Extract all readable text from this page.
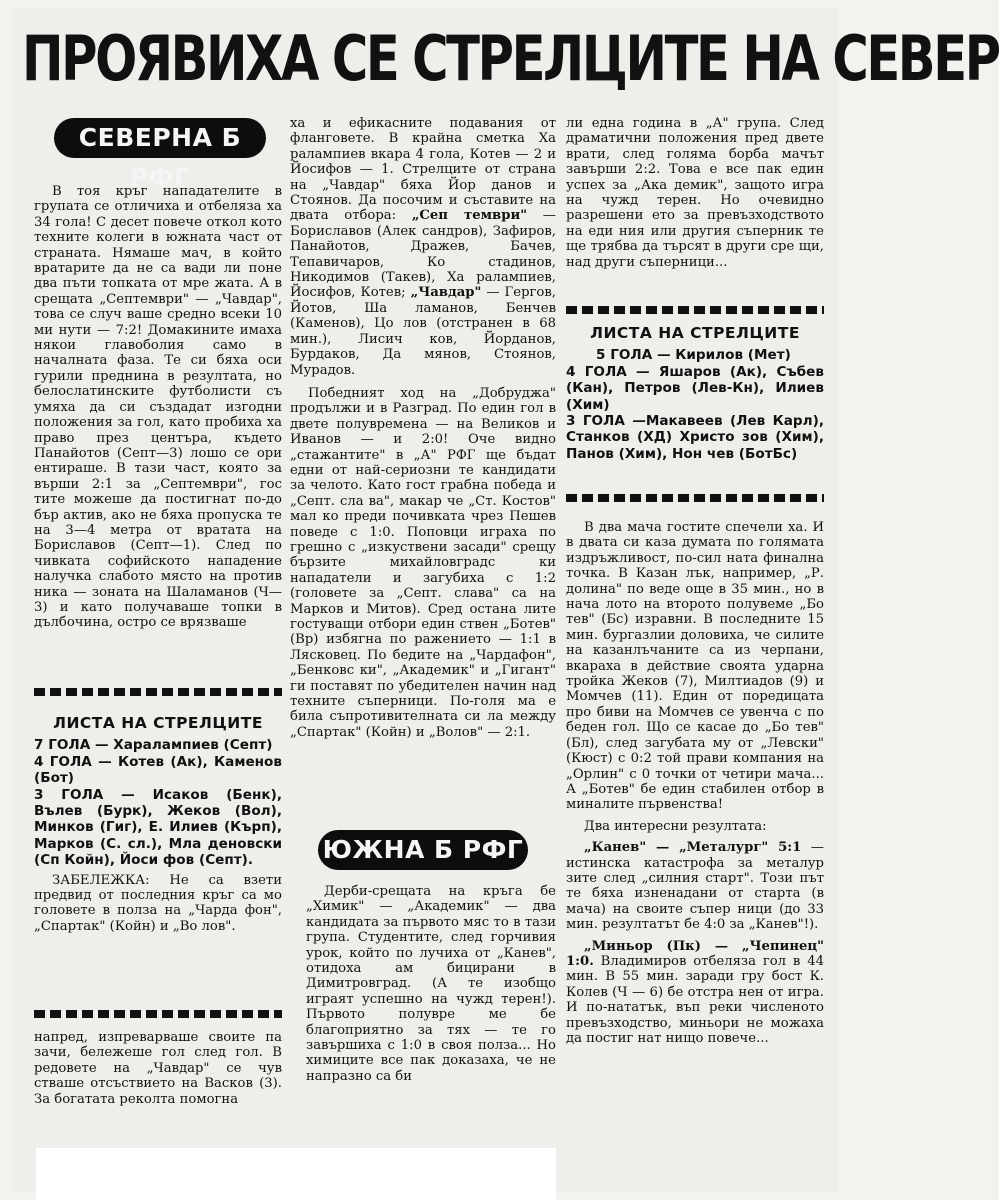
ПРОЯВИХА СЕ СТРЕЛЦИТЕ НА СЕВЕР
СЕВЕРНА Б РФГ

В тоя кръг нападателите в групата се отличиха и отбеляза ха 34 гола! С десет повече откол кото техните колеги в южната част от страната. Нямаше мач, в който вратарите да не са вади ли поне два пъти топката от мре жата. А в срещата „Септември" — „Чавдар", това се случ ваше средно всеки 10 ми нути — 7:2! Домакините имаха някои главоболия само в началната фаза. Те си бяха оси гурили преднина в резултата, но белослатинските футболисти съ умяха да си създадат изгодни положения за гол, като пробиха ха право през центъра, където Панайотов (Септ—3) лошо се ори ентираше. В тази част, която за върши 2:1 за „Септември", гос тите можеше да постигнат по-до бър актив, ако не бяха пропуска те на 3—4 метра от вратата на Бориславов (Септ—1). След по чивката софийското нападение налучка слабото място на против ника — зоната на Шаламанов (Ч—3) и като получаваше топки в дълбочина, остро се врязваше

ЛИСТА НА СТРЕЛЦИТЕ
7 ГОЛА — Харалампиев (Септ)
4 ГОЛА — Котев (Ак), Каменов (Бот)
3 ГОЛА — Исаков (Бенк), Вълев (Бурк), Жеков (Вол), Минков (Гиг), Е. Илиев (Кърп), Марков (С. сл.), Мла деновски (Сп Койн), Йоси фов (Септ).

ЗАБЕЛЕЖКА: Не са взети предвид от последния кръг са мо головете в полза на „Чарда фон", „Спартак" (Койн) и „Во лов".

напред, изпреварваше своите па зачи, бележеше гол след гол. В редовете на „Чавдар" се чув стваше отсъствието на Васков (3). За богатата реколта помогна

ха и ефикасните подавания от фланговете. В крайна сметка Ха ралампиев вкара 4 гола, Котев — 2 и Йосифов — 1. Стрелците от страна на „Чавдар" бяха Йор данов и Стоянов. Да посочим и съставите на двата отбора: „Сеп тември" — Бориславов (Алек сандров), Зафиров, Панайотов, Дражев, Бачев, Тепавичаров, Ко стадинов, Никодимов (Такев), Ха ралампиев, Йосифов, Котев; „Чавдар" — Гергов, Йотов, Ша ламанов, Бенчев (Каменов), Цо лов (отстранен в 68 мин.), Лисич ков, Йорданов, Бурдаков, Да мянов, Стоянов, Мурадов.

Победният ход на „Добруджа" продължи и в Разград. По един гол в двете полувремена — на Великов и Иванов — и 2:0! Оче видно „стажантите" в „А" РФГ ще бъдат едни от най-сериозни те кандидати за челото. Като гост грабна победа и „Септ. сла ва", макар че „Ст. Костов" мал ко преди почивката чрез Пешев поведе с 1:0. Поповци играха по грешно с „изкуствени засади" срещу бързите михайловградс ки нападатели и загубиха с 1:2 (головете за „Септ. слава" са на Марков и Митов). Сред остана лите гостуващи отбори един ствен „Ботев" (Вр) избягна по ражението — 1:1 в Лясковец. По бедите на „Чардафон", „Бенковс ки", „Академик" и „Гигант" ги поставят по убедителен начин над техните съперници. По-голя ма е била съпротивителната си ла между „Спартак" (Койн) и „Волов" — 2:1.

ЮЖНА Б РФГ

Дерби-срещата на кръга бе „Химик" — „Академик" — два кандидата за първото мяс то в тази група. Студентите, след горчивия урок, който по лучиха от „Канев", отидоха ам бицирани в Димитровград. (А те изобщо играят успешно на чужд терен!). Първото полувре ме бе благоприятно за тях — те го завършиха с 1:0 в своя полза... Но химиците все пак доказаха, че не напразно са би

ли една година в „А" група. След драматични положения пред двете врати, след голяма борба мачът завърши 2:2. Това е все пак един успех за „Ака демик", защото игра на чужд терен. Но очевидно разрешени ето за превъзходството на еди ния или другия съперник те ще трябва да търсят в други сре щи, над други съперници...

ЛИСТА НА СТРЕЛЦИТЕ
5 ГОЛА — Кирилов (Мет)
4 ГОЛА — Яшаров (Ак), Събев (Кан), Петров (Лев-Кн), Илиев (Хим)
3 ГОЛА —Макавеев (Лев Карл), Станков (ХД) Христо зов (Хим), Панов (Хим), Нон чев (БотБс)

В два мача гостите спечели ха. И в двата си каза думата по голямата издръжливост, по-сил ната финална точка. В Казан лък, например, „Р. долина" по веде още в 35 мин., но в нача лото на второто полувеме „Бо тев" (Бс) изравни. В последните 15 мин. бургазлии доловиха, че силите на казанлъчаните са из черпани, вкараха в действие своята ударна тройка Жеков (7), Милтиадов (9) и Момчев (11). Един от поредицата про биви на Момчев се увенча с по беден гол. Що се касае до „Бо тев" (Бл), след загубата му от „Левски" (Кюст) с 0:2 той прави компания на „Орлин" с 0 точки от четири мача... А „Ботев" бе един стабилен отбор в миналите първенства!

Два интересни резултата:

„Канев" — „Металург" 5:1 — истинска катастрофа за металур зите след „силния старт". Този път те бяха изненадани от старта (в мача) на своите съпер ници (до 33 мин. резултатът бе 4:0 за „Канев"!).

„Миньор (Пк) — „Чепинец" 1:0. Владимиров отбеляза гол в 44 мин. В 55 мин. заради гру бост К. Колев (Ч — 6) бе отстра нен от игра. И по-нататък, въп реки численото превъзходство, миньори не можаха да постиг нат нищо повече...
